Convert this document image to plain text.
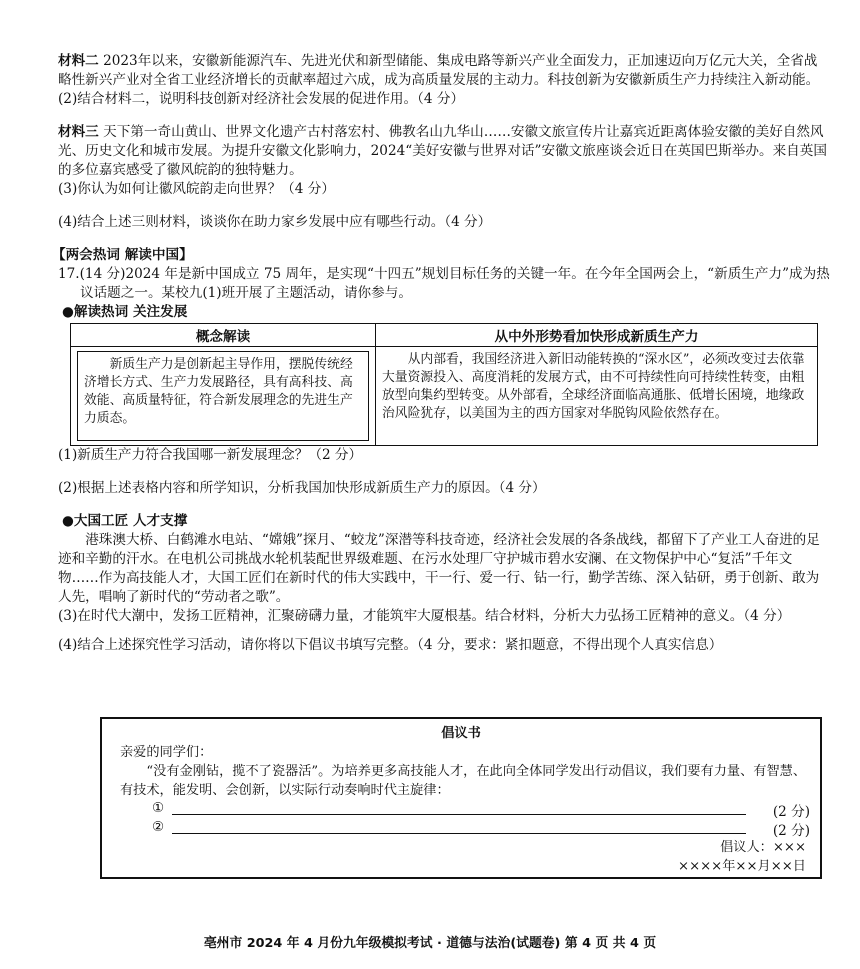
材料二 2023年以来，安徽新能源汽车、先进光伏和新型储能、集成电路等新兴产业全面发力，正加速迈向万亿元大关，全省战略性新兴产业对全省工业经济增长的贡献率超过六成，成为高质量发展的主动力。科技创新为安徽新质生产力持续注入新动能。

(2)结合材料二，说明科技创新对经济社会发展的促进作用。（4 分）

材料三 天下第一奇山黄山、世界文化遗产古村落宏村、佛教名山九华山……安徽文旅宣传片让嘉宾近距离体验安徽的美好自然风光、历史文化和城市发展。为提升安徽文化影响力，2024“美好安徽与世界对话”安徽文旅座谈会近日在英国巴斯举办。来自英国的多位嘉宾感受了徽风皖韵的独特魅力。

(3)你认为如何让徽风皖韵走向世界？（4 分）

(4)结合上述三则材料，谈谈你在助力家乡发展中应有哪些行动。（4 分）

【两会热词 解读中国】

17.(14 分)2024 年是新中国成立 75 周年，是实现“十四五”规划目标任务的关键一年。在今年全国两会上，“新质生产力”成为热议话题之一。某校九(1)班开展了主题活动，请你参与。

●解读热词 关注发展

概念解读	从中外形势看加快形成新质生产力

新质生产力是创新起主导作用，摆脱传统经济增长方式、生产力发展路径，具有高科技、高效能、高质量特征，符合新发展理念的先进生产力质态。	从内部看，我国经济进入新旧动能转换的“深水区”，必须改变过去依靠大量资源投入、高度消耗的发展方式，由不可持续性向可持续性转变，由粗放型向集约型转变。从外部看，全球经济面临高通胀、低增长困境，地缘政治风险犹存，以美国为主的西方国家对华脱钩风险依然存在。

(1)新质生产力符合我国哪一新发展理念？（2 分）

(2)根据上述表格内容和所学知识，分析我国加快形成新质生产力的原因。（4 分）

●大国工匠 人才支撑

港珠澳大桥、白鹤滩水电站、“嫦娥”探月、“蛟龙”深潜等科技奇迹，经济社会发展的各条战线，都留下了产业工人奋进的足迹和辛勤的汗水。在电机公司挑战水轮机装配世界级难题、在污水处理厂守护城市碧水安澜、在文物保护中心“复活”千年文物……作为高技能人才，大国工匠们在新时代的伟大实践中，干一行、爱一行、钻一行，勤学苦练、深入钻研，勇于创新、敢为人先，唱响了新时代的“劳动者之歌”。

(3)在时代大潮中，发扬工匠精神，汇聚磅礴力量，才能筑牢大厦根基。结合材料，分析大力弘扬工匠精神的意义。（4 分）

(4)结合上述探究性学习活动，请你将以下倡议书填写完整。（4 分，要求：紧扣题意，不得出现个人真实信息）

倡议书

亲爱的同学们：

“没有金刚钻，揽不了瓷器活”。为培养更多高技能人才，在此向全体同学发出行动倡议，我们要有力量、有智慧、有技术，能发明、会创新，以实际行动奏响时代主旋律：

①	(2 分)
②	(2 分)

倡议人：×××

××××年××月××日

亳州市 2024 年 4 月份九年级模拟考试 · 道德与法治(试题卷) 第 4 页 共 4 页
